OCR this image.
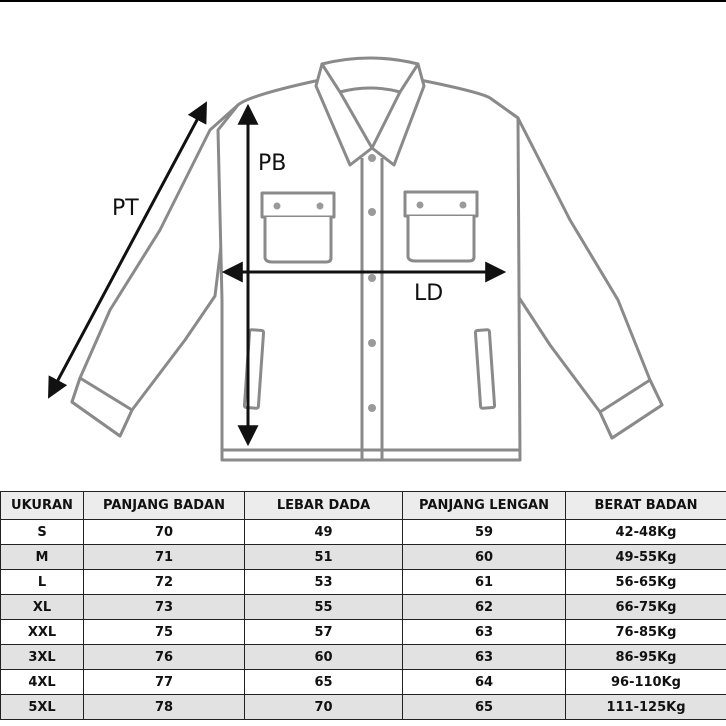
PT
PB
LD
UKURAN	PANJANG BADAN	LEBAR DADA	PANJANG LENGAN	BERAT BADAN
S	70	49	59	42-48Kg
M	71	51	60	49-55Kg
L	72	53	61	56-65Kg
XL	73	55	62	66-75Kg
XXL	75	57	63	76-85Kg
3XL	76	60	63	86-95Kg
4XL	77	65	64	96-110Kg
5XL	78	70	65	111-125Kg
